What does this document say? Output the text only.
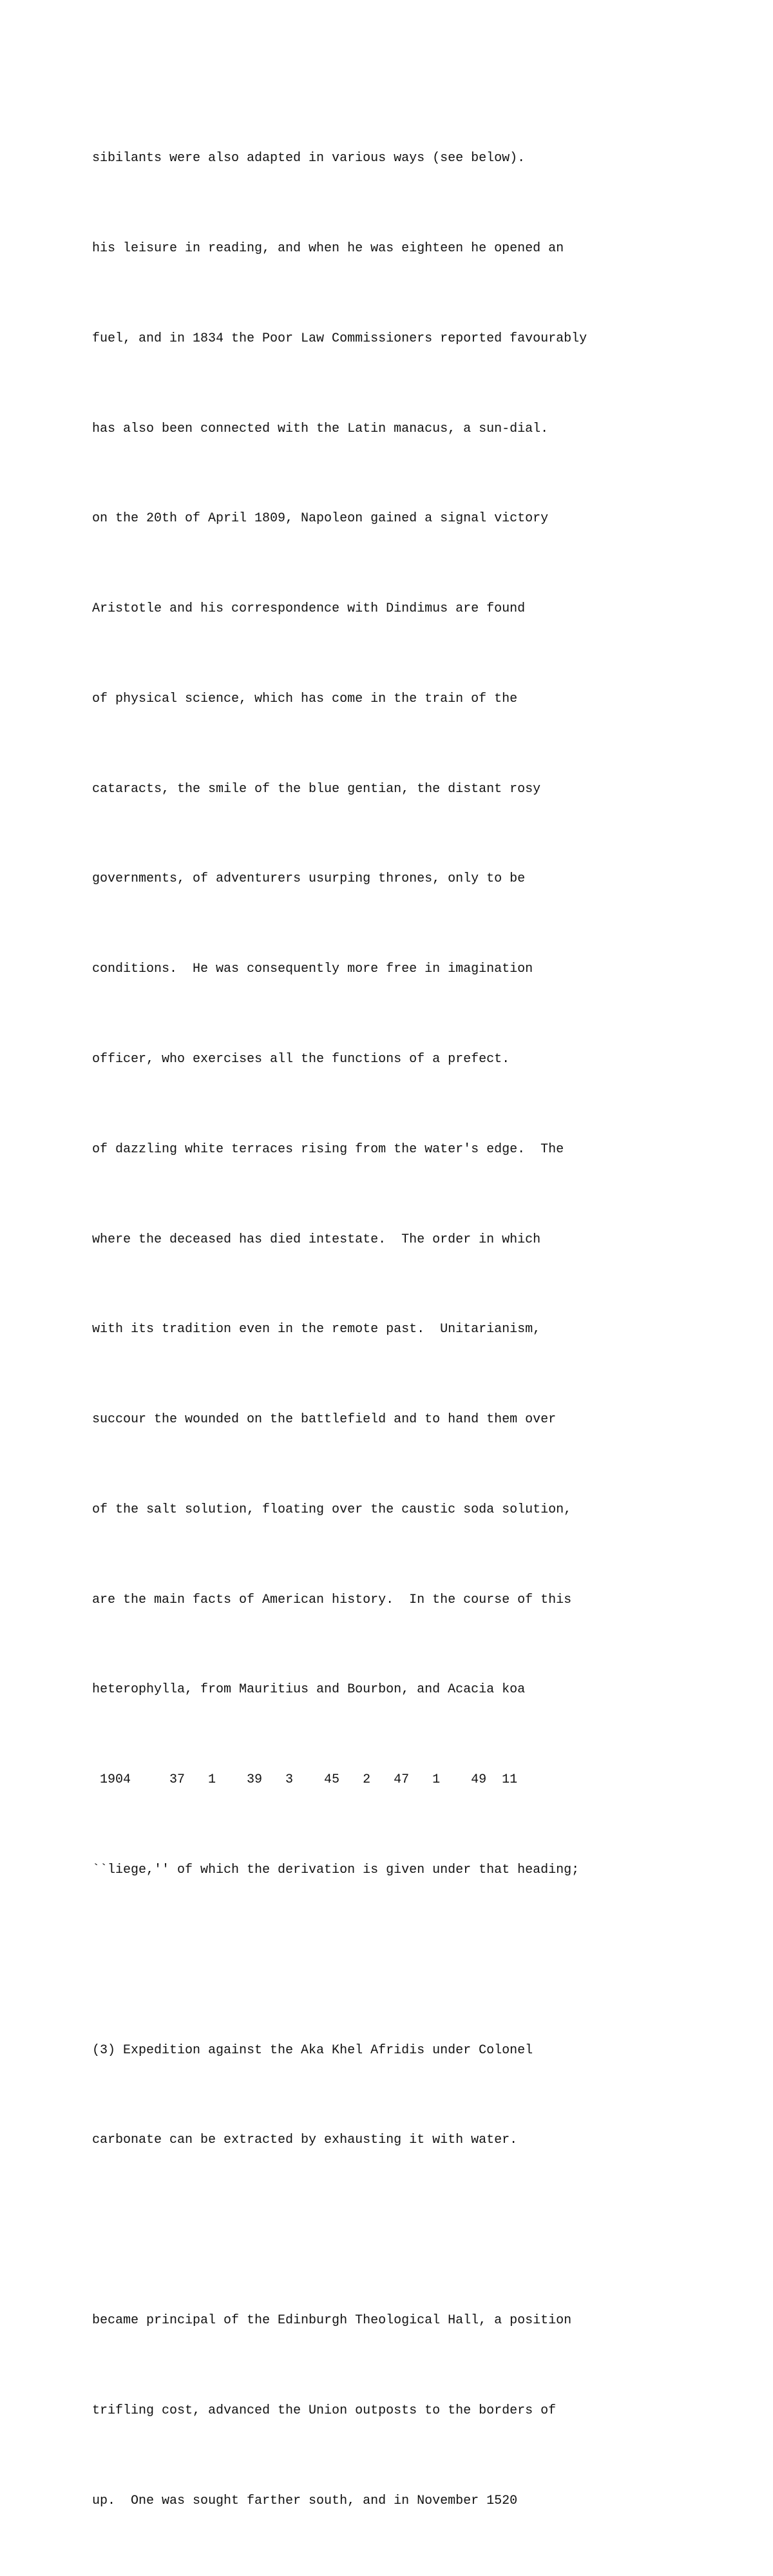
sibilants were also adapted in various ways (see below).

his leisure in reading, and when he was eighteen he opened an

fuel, and in 1834 the Poor Law Commissioners reported favourably

has also been connected with the Latin manacus, a sun-dial.

on the 20th of April 1809, Napoleon gained a signal victory

Aristotle and his correspondence with Dindimus are found

of physical science, which has come in the train of the

cataracts, the smile of the blue gentian, the distant rosy

governments, of adventurers usurping thrones, only to be

conditions.  He was consequently more free in imagination

officer, who exercises all the functions of a prefect.

of dazzling white terraces rising from the water's edge.  The

where the deceased has died intestate.  The order in which

with its tradition even in the remote past.  Unitarianism,

succour the wounded on the battlefield and to hand them over

of the salt solution, floating over the caustic soda solution,

are the main facts of American history.  In the course of this

heterophylla, from Mauritius and Bourbon, and Acacia koa

1904     37   1    39   3    45   2   47   1    49  11

``liege,'' of which the derivation is given under that heading;

(3) Expedition against the Aka Khel Afridis under Colonel

carbonate can be extracted by exhausting it with water.

became principal of the Edinburgh Theological Hall, a position

trifling cost, advanced the Union outposts to the borders of

up.  One was sought farther south, and in November 1520
